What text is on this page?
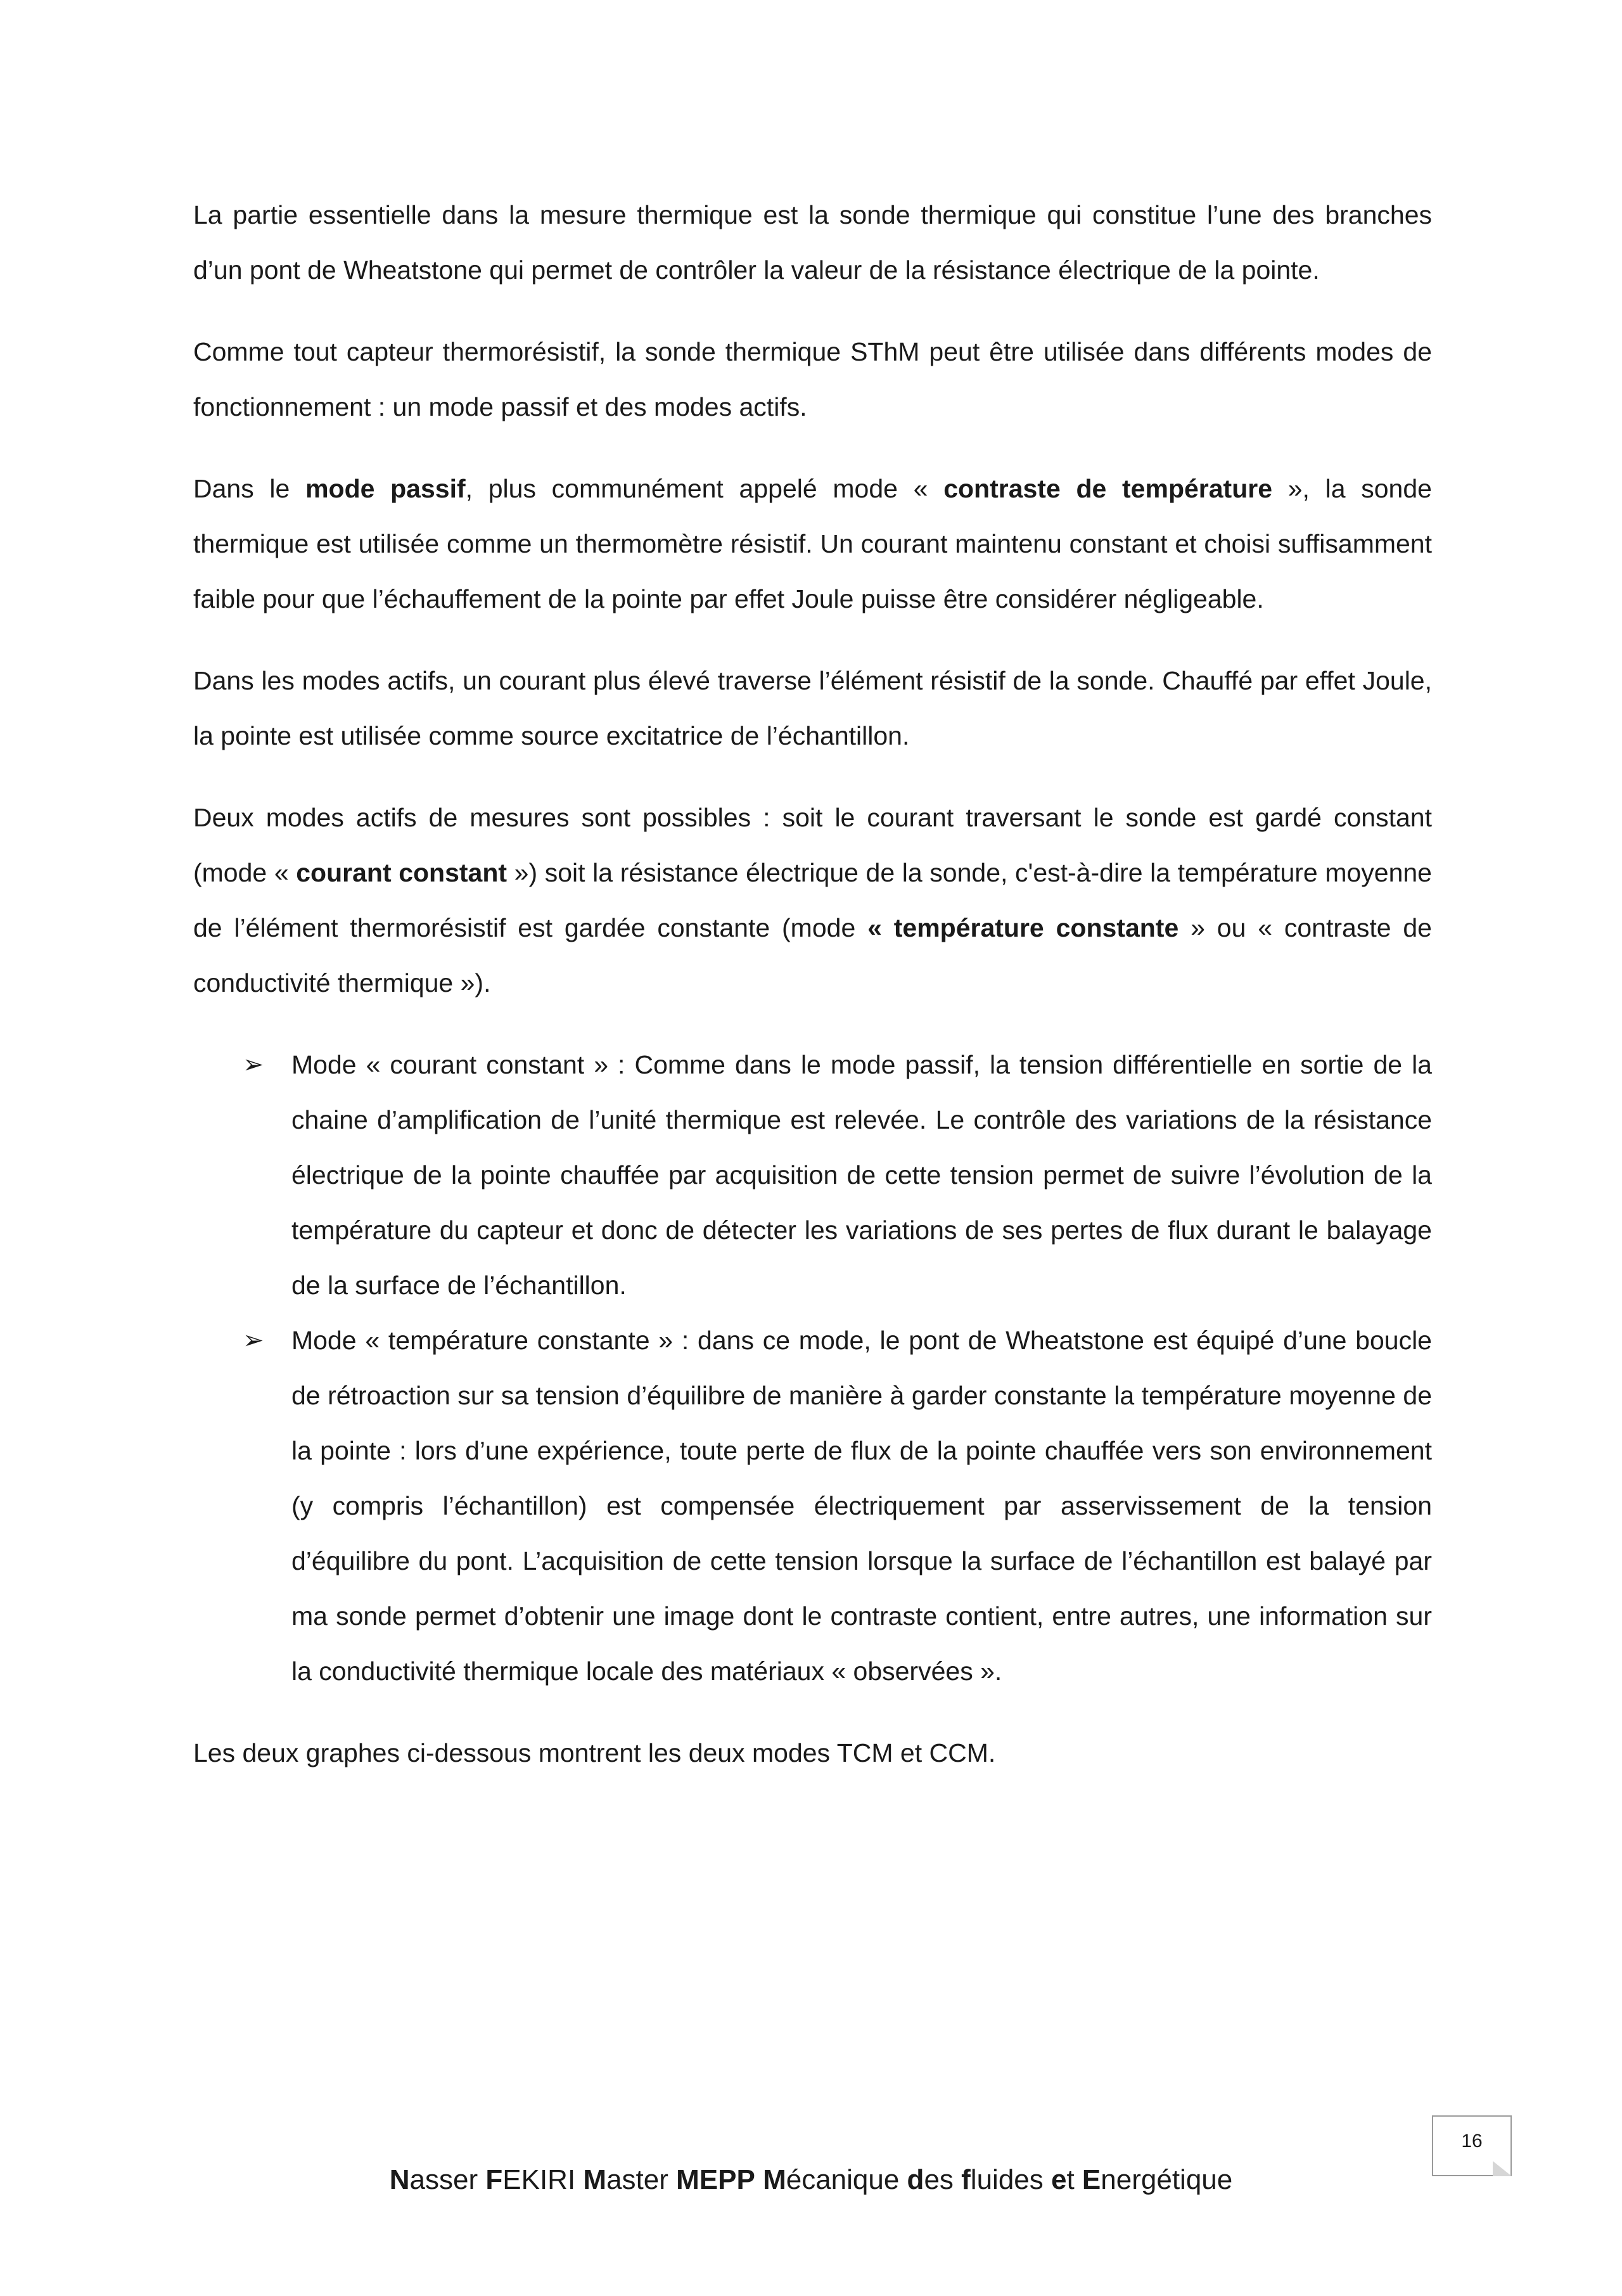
La partie essentielle dans la mesure thermique est la sonde thermique qui constitue l’une des branches d’un pont de Wheatstone qui permet de contrôler la valeur de la résistance électrique de la pointe.

Comme tout capteur thermorésistif, la sonde thermique SThM peut être utilisée dans différents modes de fonctionnement : un mode passif et des modes actifs.

Dans le mode passif, plus communément appelé mode « contraste de température », la sonde thermique est utilisée comme un thermomètre résistif. Un courant maintenu constant et choisi suffisamment faible pour que l’échauffement de la pointe par effet Joule puisse être considérer négligeable.

Dans les modes actifs, un courant plus élevé traverse l’élément résistif de la sonde. Chauffé par effet Joule, la pointe est utilisée comme source excitatrice de l’échantillon.

Deux modes actifs de mesures sont possibles : soit le courant traversant le sonde est gardé constant (mode « courant constant ») soit la résistance électrique de la sonde, c'est-à-dire la température moyenne de l’élément thermorésistif est gardée constante (mode « température constante » ou « contraste de conductivité thermique »).

➢ Mode « courant constant » : Comme dans le mode passif, la tension différentielle en sortie de la chaine d’amplification de l’unité thermique est relevée. Le contrôle des variations de la résistance électrique de la pointe chauffée par acquisition de cette tension permet de suivre l’évolution de la température du capteur et donc de détecter les variations de ses pertes de flux durant le balayage de la surface de l’échantillon.
➢ Mode « température constante » : dans ce mode, le pont de Wheatstone est équipé d’une boucle de rétroaction sur sa tension d’équilibre de manière à garder constante la température moyenne de la pointe : lors d’une expérience, toute perte de flux de la pointe chauffée vers son environnement (y compris l’échantillon) est compensée électriquement par asservissement de la tension d’équilibre du pont. L’acquisition de cette tension lorsque la surface de l’échantillon est balayé par ma sonde permet d’obtenir une image dont le contraste contient, entre autres, une information sur la conductivité thermique locale des matériaux « observées ».

Les deux graphes ci-dessous montrent les deux modes TCM et CCM.

16
Nasser FEKIRI Master MEPP Mécanique des fluides et Energétique
